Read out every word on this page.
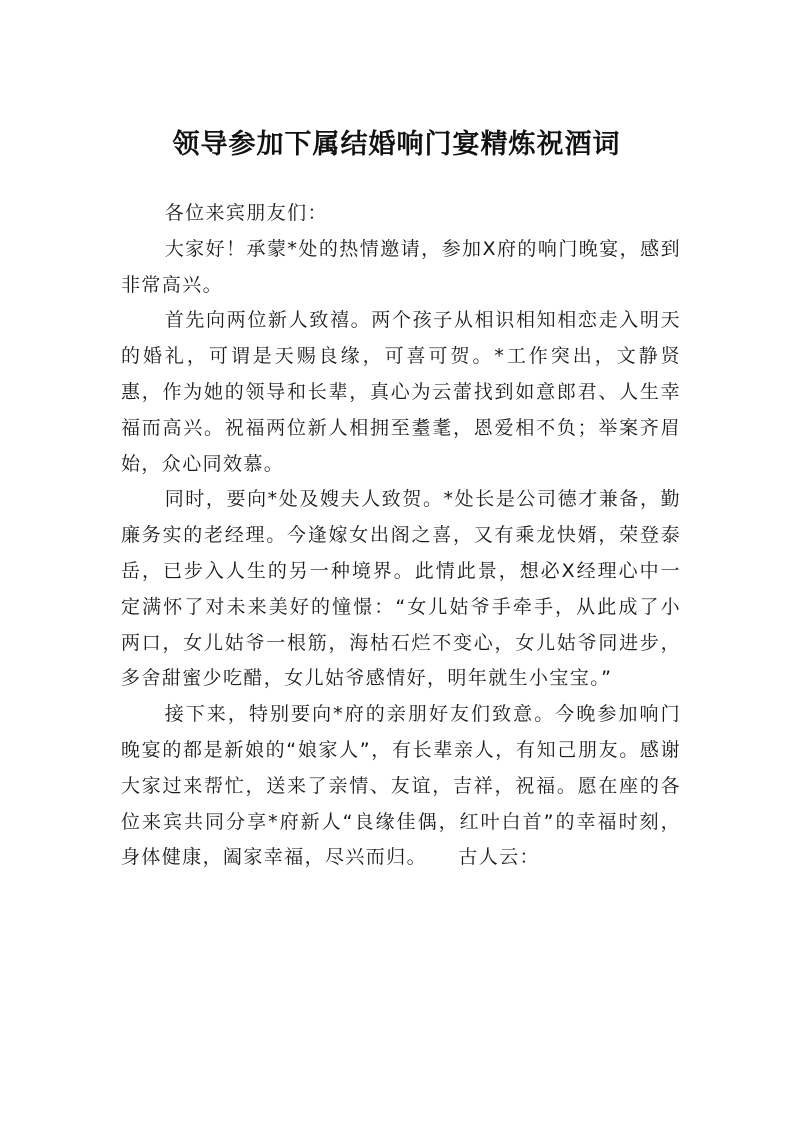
领导参加下属结婚响门宴精炼祝酒词

各位来宾朋友们：

大家好！承蒙*处的热情邀请，参加X府的响门晚宴，感到非常高兴。

首先向两位新人致禧。两个孩子从相识相知相恋走入明天的婚礼，可谓是天赐良缘，可喜可贺。*工作突出，文静贤惠，作为她的领导和长辈，真心为云蕾找到如意郎君、人生幸福而高兴。祝福两位新人相拥至耋耄，恩爱相不负；举案齐眉始，众心同效慕。

同时，要向*处及嫂夫人致贺。*处长是公司德才兼备，勤廉务实的老经理。今逢嫁女出阁之喜，又有乘龙快婿，荣登泰岳，已步入人生的另一种境界。此情此景，想必X经理心中一定满怀了对未来美好的憧憬：“女儿姑爷手牵手，从此成了小两口，女儿姑爷一根筋，海枯石烂不变心，女儿姑爷同进步，多舍甜蜜少吃醋，女儿姑爷感情好，明年就生小宝宝。”

接下来，特别要向*府的亲朋好友们致意。今晚参加响门晚宴的都是新娘的“娘家人”，有长辈亲人，有知己朋友。感谢大家过来帮忙，送来了亲情、友谊，吉祥，祝福。愿在座的各位来宾共同分享*府新人“良缘佳偶，红叶白首”的幸福时刻，身体健康，阖家幸福，尽兴而归。　　古人云：
